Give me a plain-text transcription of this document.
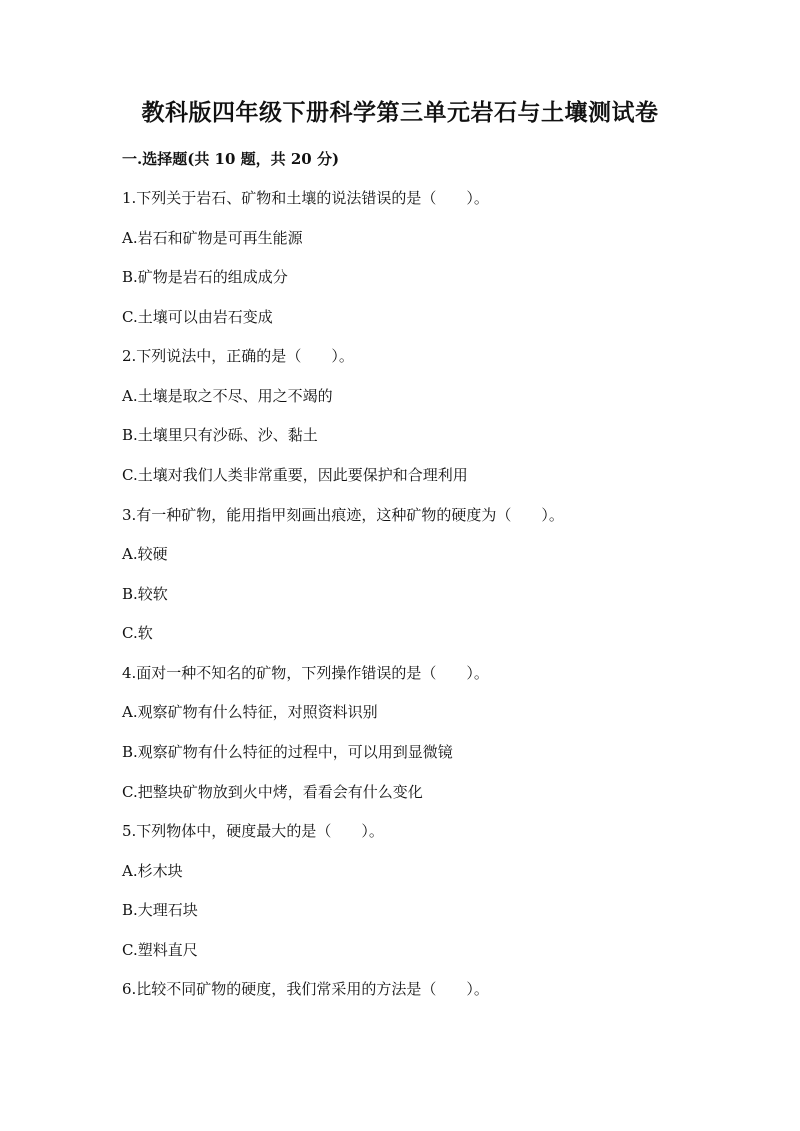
教科版四年级下册科学第三单元岩石与土壤测试卷
一.选择题(共 10 题，共 20 分)
1.下列关于岩石、矿物和土壤的说法错误的是（　　）。
A.岩石和矿物是可再生能源
B.矿物是岩石的组成成分
C.土壤可以由岩石变成
2.下列说法中，正确的是（　　）。
A.土壤是取之不尽、用之不竭的
B.土壤里只有沙砾、沙、黏土
C.土壤对我们人类非常重要，因此要保护和合理利用
3.有一种矿物，能用指甲刻画出痕迹，这种矿物的硬度为（　　）。
A.较硬
B.较软
C.软
4.面对一种不知名的矿物，下列操作错误的是（　　）。
A.观察矿物有什么特征，对照资料识别
B.观察矿物有什么特征的过程中，可以用到显微镜
C.把整块矿物放到火中烤，看看会有什么变化
5.下列物体中，硬度最大的是（　　）。
A.杉木块
B.大理石块
C.塑料直尺
6.比较不同矿物的硬度，我们常采用的方法是（　　）。
